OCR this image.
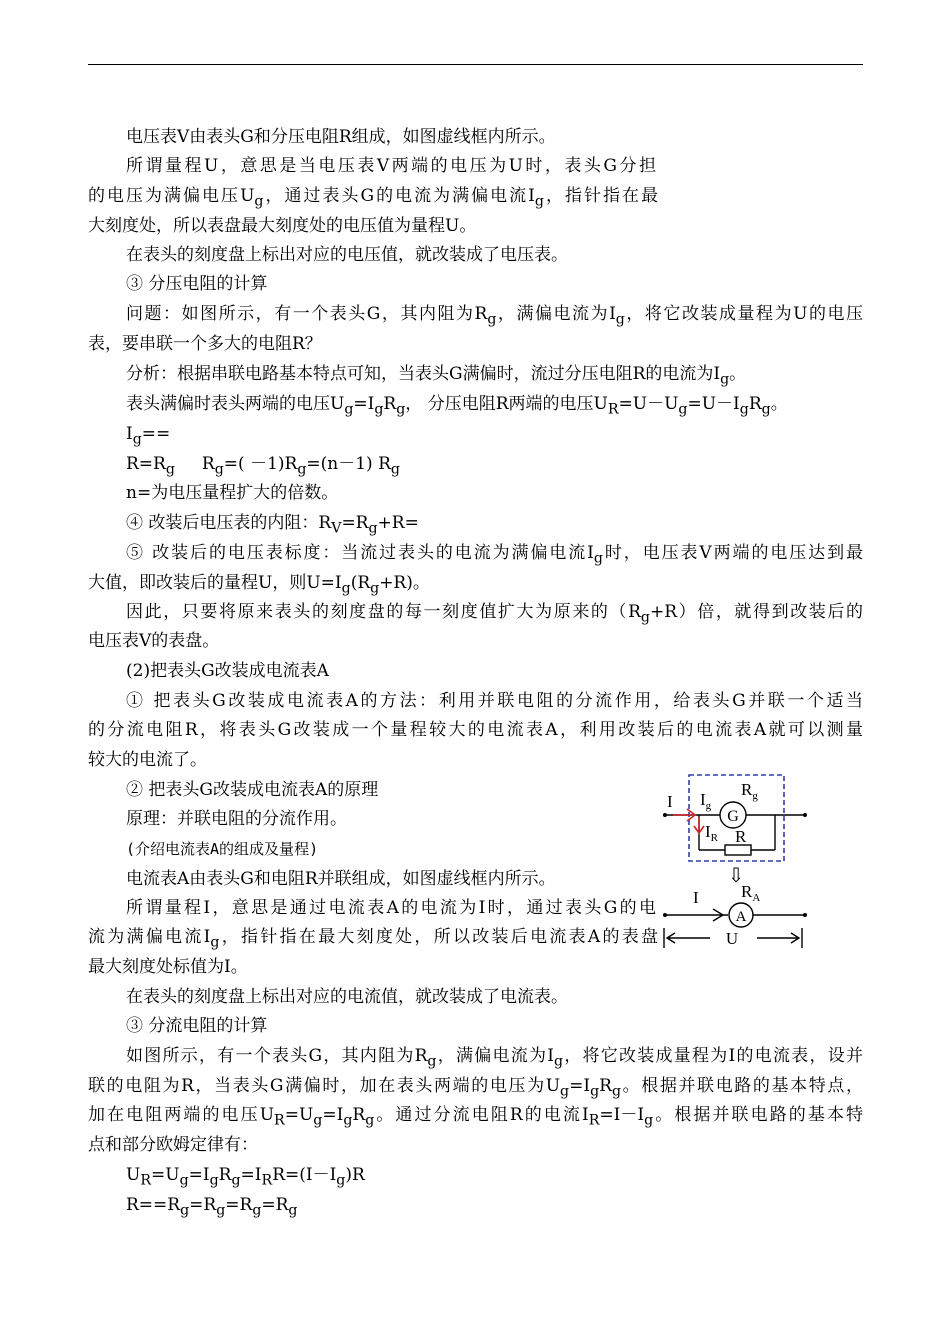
电压表V由表头G和分压电阻R组成，如图虚线框内所示。
所谓量程U，意思是当电压表V两端的电压为U时，表头G分担
的电压为满偏电压$U_g$，通过表头G的电流为满偏电流$I_g$，指针指在最
大刻度处，所以表盘最大刻度处的电压值为量程U。
在表头的刻度盘上标出对应的电压值，就改装成了电压表。
③ 分压电阻的计算
问题：如图所示，有一个表头G，其内阻为$R_g$，满偏电流为$I_g$，将它改装成量程为U的电压
表，要串联一个多大的电阻R？
分析：根据串联电路基本特点可知，当表头G满偏时，流过分压电阻R的电流为$I_g$。
表头满偏时表头两端的电压$U_g=I_gR_g$， 分压电阻R两端的电压$U_R=U-U_g=U-I_gR_g$。
$I_g==$
$R=R_g$     $R_g=( -1)R_g=(n-1)$ $R_g$
n=为电压量程扩大的倍数。
④ 改装后电压表的内阻：$R_V=R_g+R=$
⑤ 改装后的电压表标度：当流过表头的电流为满偏电流$I_g$时，电压表V两端的电压达到最
大值，即改装后的量程U，则$U=I_g(R_g+R)$。
因此，只要将原来表头的刻度盘的每一刻度值扩大为原来的$(R_g+R)$倍，就得到改装后的
电压表V的表盘。
(2)把表头G改装成电流表A
① 把表头G改装成电流表A的方法：利用并联电阻的分流作用，给表头G并联一个适当
的分流电阻R，将表头G改装成一个量程较大的电流表A，利用改装后的电流表A就可以测量
较大的电流了。
② 把表头G改装成电流表A的原理
原理：并联电阻的分流作用。
(介绍电流表A的组成及量程)
电流表A由表头G和电阻R并联组成，如图虚线框内所示。
所谓量程I，意思是通过电流表A的电流为I时，通过表头G的电
流为满偏电流$I_g$，指针指在最大刻度处，所以改装后电流表A的表盘
最大刻度处标值为I。
在表头的刻度盘上标出对应的电流值，就改装成了电流表。
③ 分流电阻的计算
如图所示，有一个表头G，其内阻为$R_g$，满偏电流为$I_g$，将它改装成量程为I的电流表，设并
联的电阻为R，当表头G满偏时，加在表头两端的电压为$U_g=I_gR_g$。根据并联电路的基本特点，
加在电阻两端的电压$U_R=U_g=I_gR_g$。通过分流电阻R的电流$I_R=I-I_g$。根据并联电路的基本特
点和部分欧姆定律有：
$U_R=U_g=I_gR_g=I_RR=(I-I_g)R$
$R==R_g=R_g=R_g=R_g$
G
I $I_g$
$I_R$
$R_g$
R
⇩
A
I $R_A$
U
